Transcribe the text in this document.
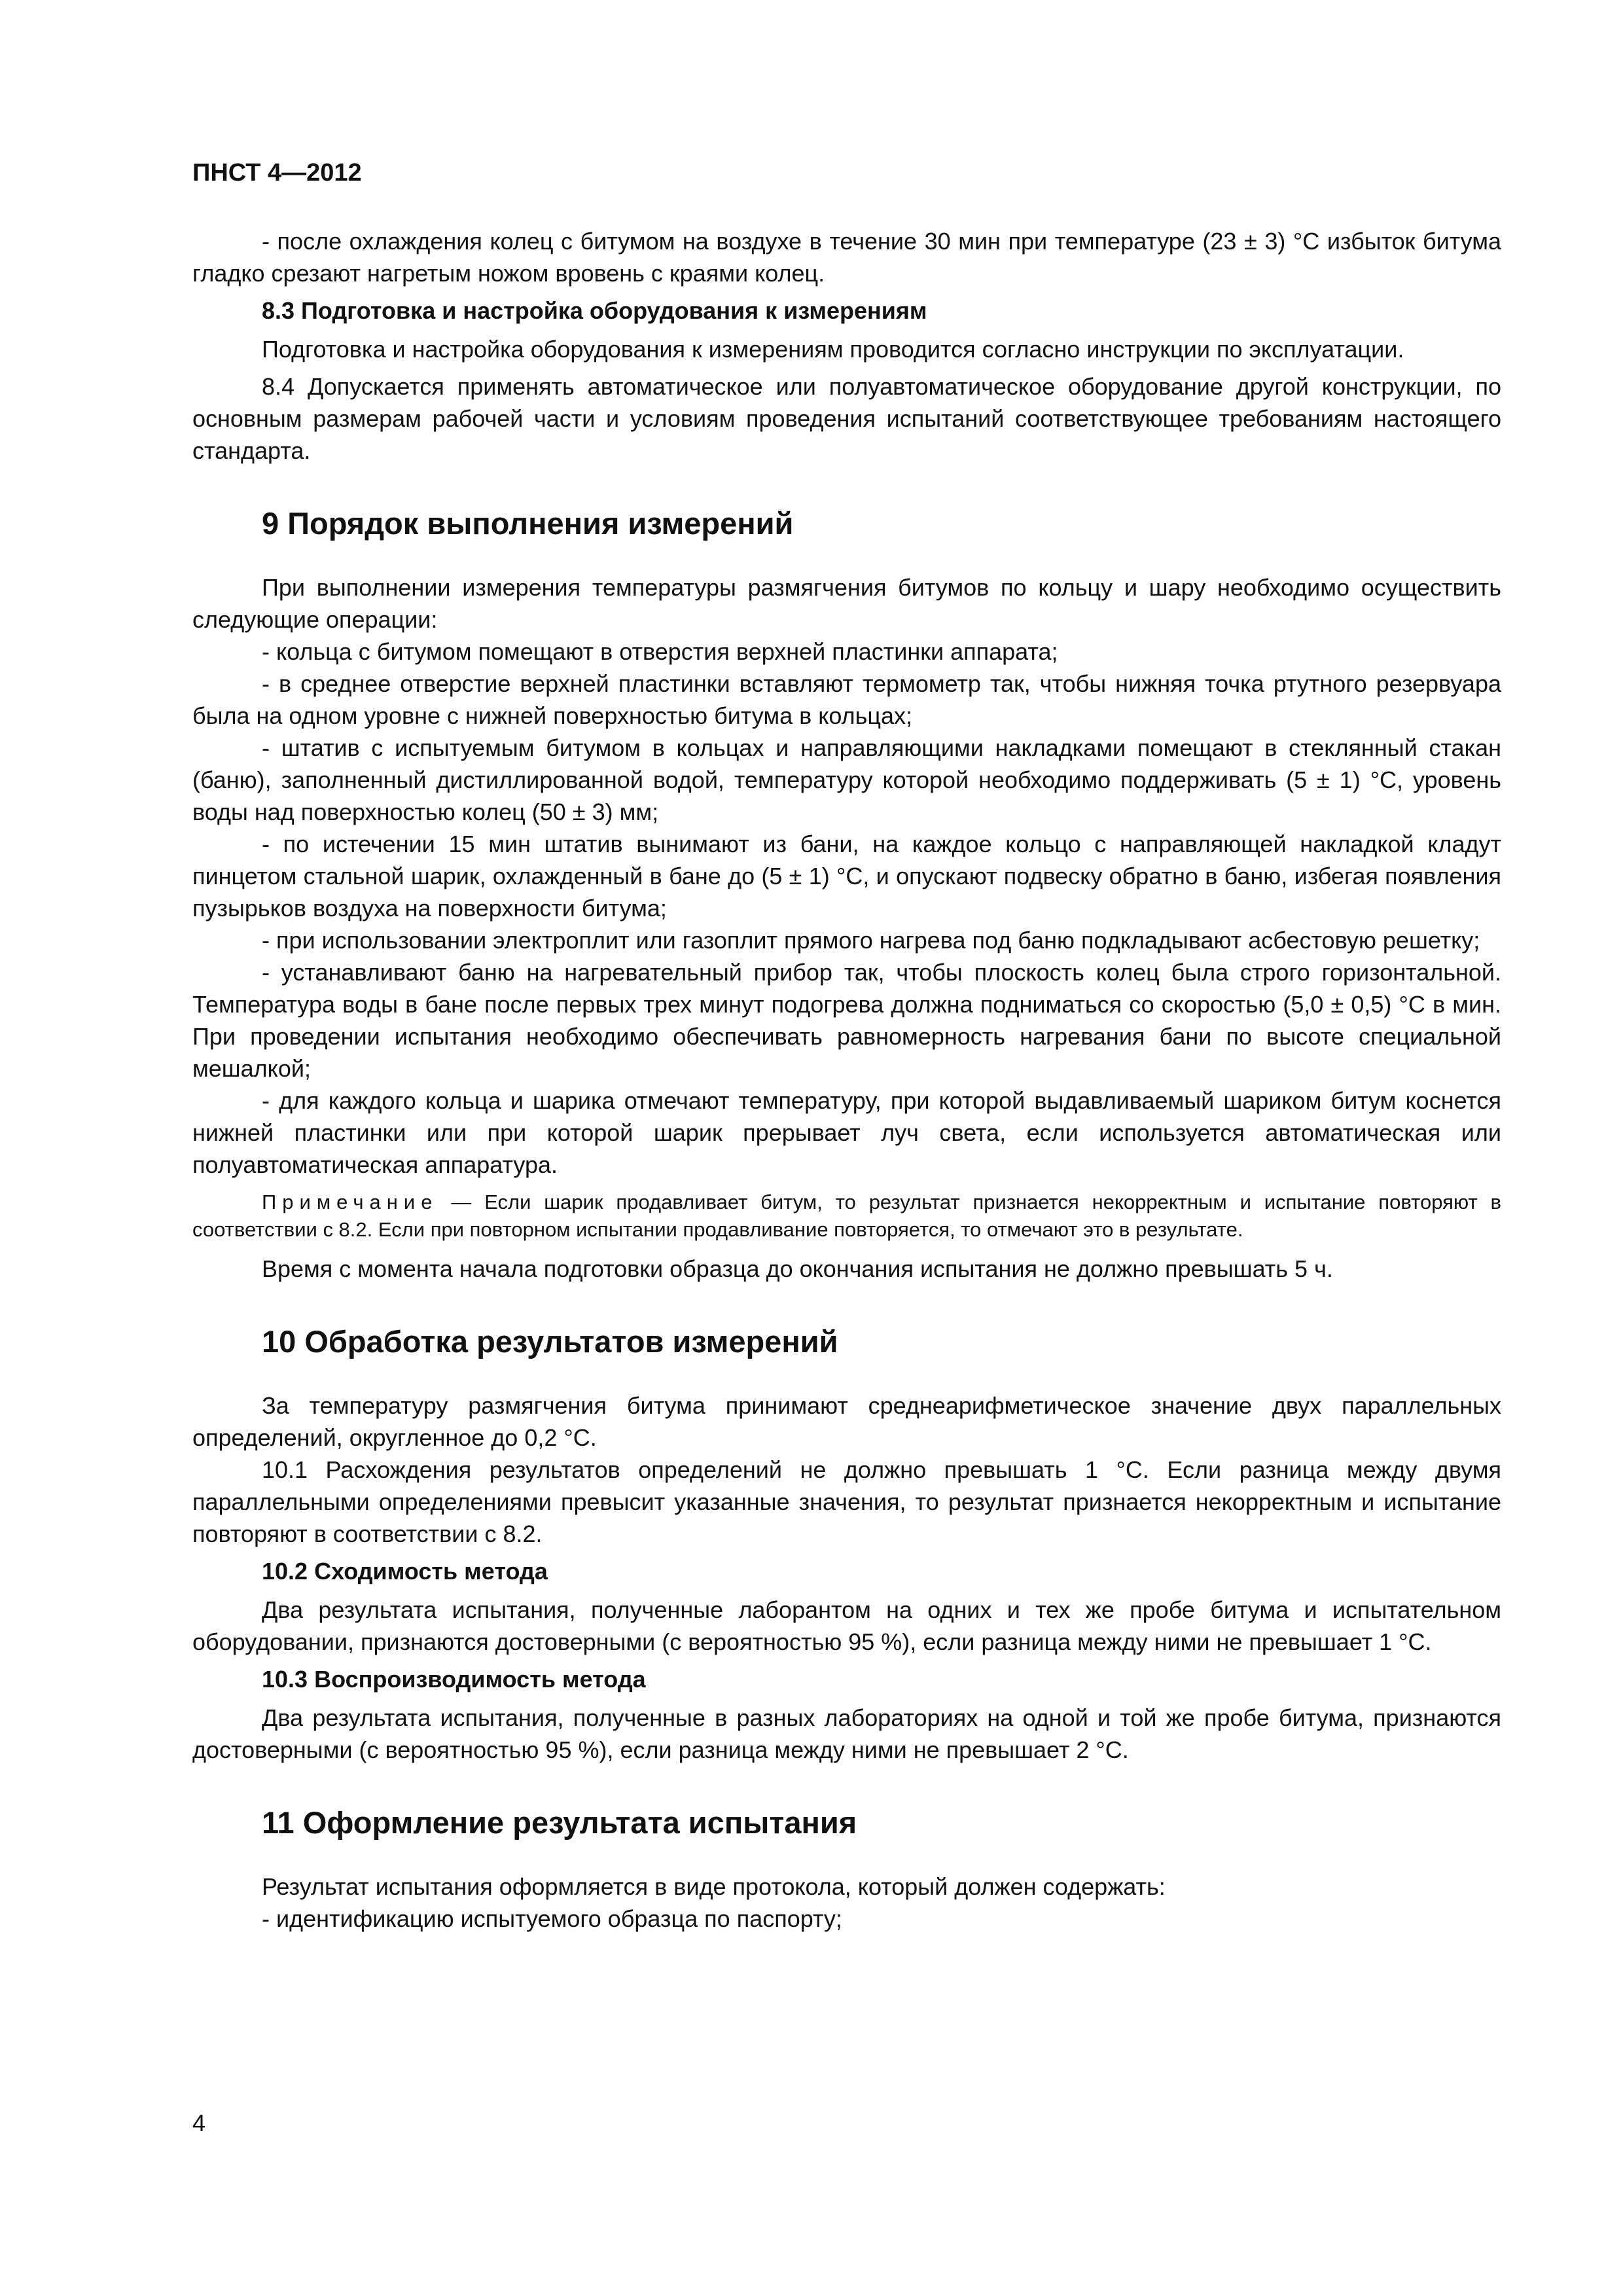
ПНСТ 4—2012

- после охлаждения колец с битумом на воздухе в течение 30 мин при температуре (23 ± 3) °С избыток битума гладко срезают нагретым ножом вровень с краями колец.

8.3 Подготовка и настройка оборудования к измерениям

Подготовка и настройка оборудования к измерениям проводится согласно инструкции по эксплуатации.

8.4 Допускается применять автоматическое или полуавтоматическое оборудование другой конструкции, по основным размерам рабочей части и условиям проведения испытаний соответствующее требованиям настоящего стандарта.

9 Порядок выполнения измерений

При выполнении измерения температуры размягчения битумов по кольцу и шару необходимо осуществить следующие операции:

- кольца с битумом помещают в отверстия верхней пластинки аппарата;

- в среднее отверстие верхней пластинки вставляют термометр так, чтобы нижняя точка ртутного резервуара была на одном уровне с нижней поверхностью битума в кольцах;

- штатив с испытуемым битумом в кольцах и направляющими накладками помещают в стеклянный стакан (баню), заполненный дистиллированной водой, температуру которой необходимо поддерживать (5 ± 1) °С, уровень воды над поверхностью колец (50 ± 3) мм;

- по истечении 15 мин штатив вынимают из бани, на каждое кольцо с направляющей накладкой кладут пинцетом стальной шарик, охлажденный в бане до (5 ± 1) °С, и опускают подвеску обратно в баню, избегая появления пузырьков воздуха на поверхности битума;

- при использовании электроплит или газоплит прямого нагрева под баню подкладывают асбестовую решетку;

- устанавливают баню на нагревательный прибор так, чтобы плоскость колец была строго горизонтальной. Температура воды в бане после первых трех минут подогрева должна подниматься со скоростью (5,0 ± 0,5) °С в мин. При проведении испытания необходимо обеспечивать равномерность нагревания бани по высоте специальной мешалкой;

- для каждого кольца и шарика отмечают температуру, при которой выдавливаемый шариком битум коснется нижней пластинки или при которой шарик прерывает луч света, если используется автоматическая или полуавтоматическая аппаратура.

Примечание — Если шарик продавливает битум, то результат признается некорректным и испытание повторяют в соответствии с 8.2. Если при повторном испытании продавливание повторяется, то отмечают это в результате.

Время с момента начала подготовки образца до окончания испытания не должно превышать 5 ч.

10 Обработка результатов измерений

За температуру размягчения битума принимают среднеарифметическое значение двух параллельных определений, округленное до 0,2 °С.

10.1 Расхождения результатов определений не должно превышать 1 °С. Если разница между двумя параллельными определениями превысит указанные значения, то результат признается некорректным и испытание повторяют в соответствии с 8.2.

10.2 Сходимость метода

Два результата испытания, полученные лаборантом на одних и тех же пробе битума и испытательном оборудовании, признаются достоверными (с вероятностью 95 %), если разница между ними не превышает 1 °С.

10.3 Воспроизводимость метода

Два результата испытания, полученные в разных лабораториях на одной и той же пробе битума, признаются достоверными (с вероятностью 95 %), если разница между ними не превышает 2 °С.

11 Оформление результата испытания

Результат испытания оформляется в виде протокола, который должен содержать:

- идентификацию испытуемого образца по паспорту;

4
